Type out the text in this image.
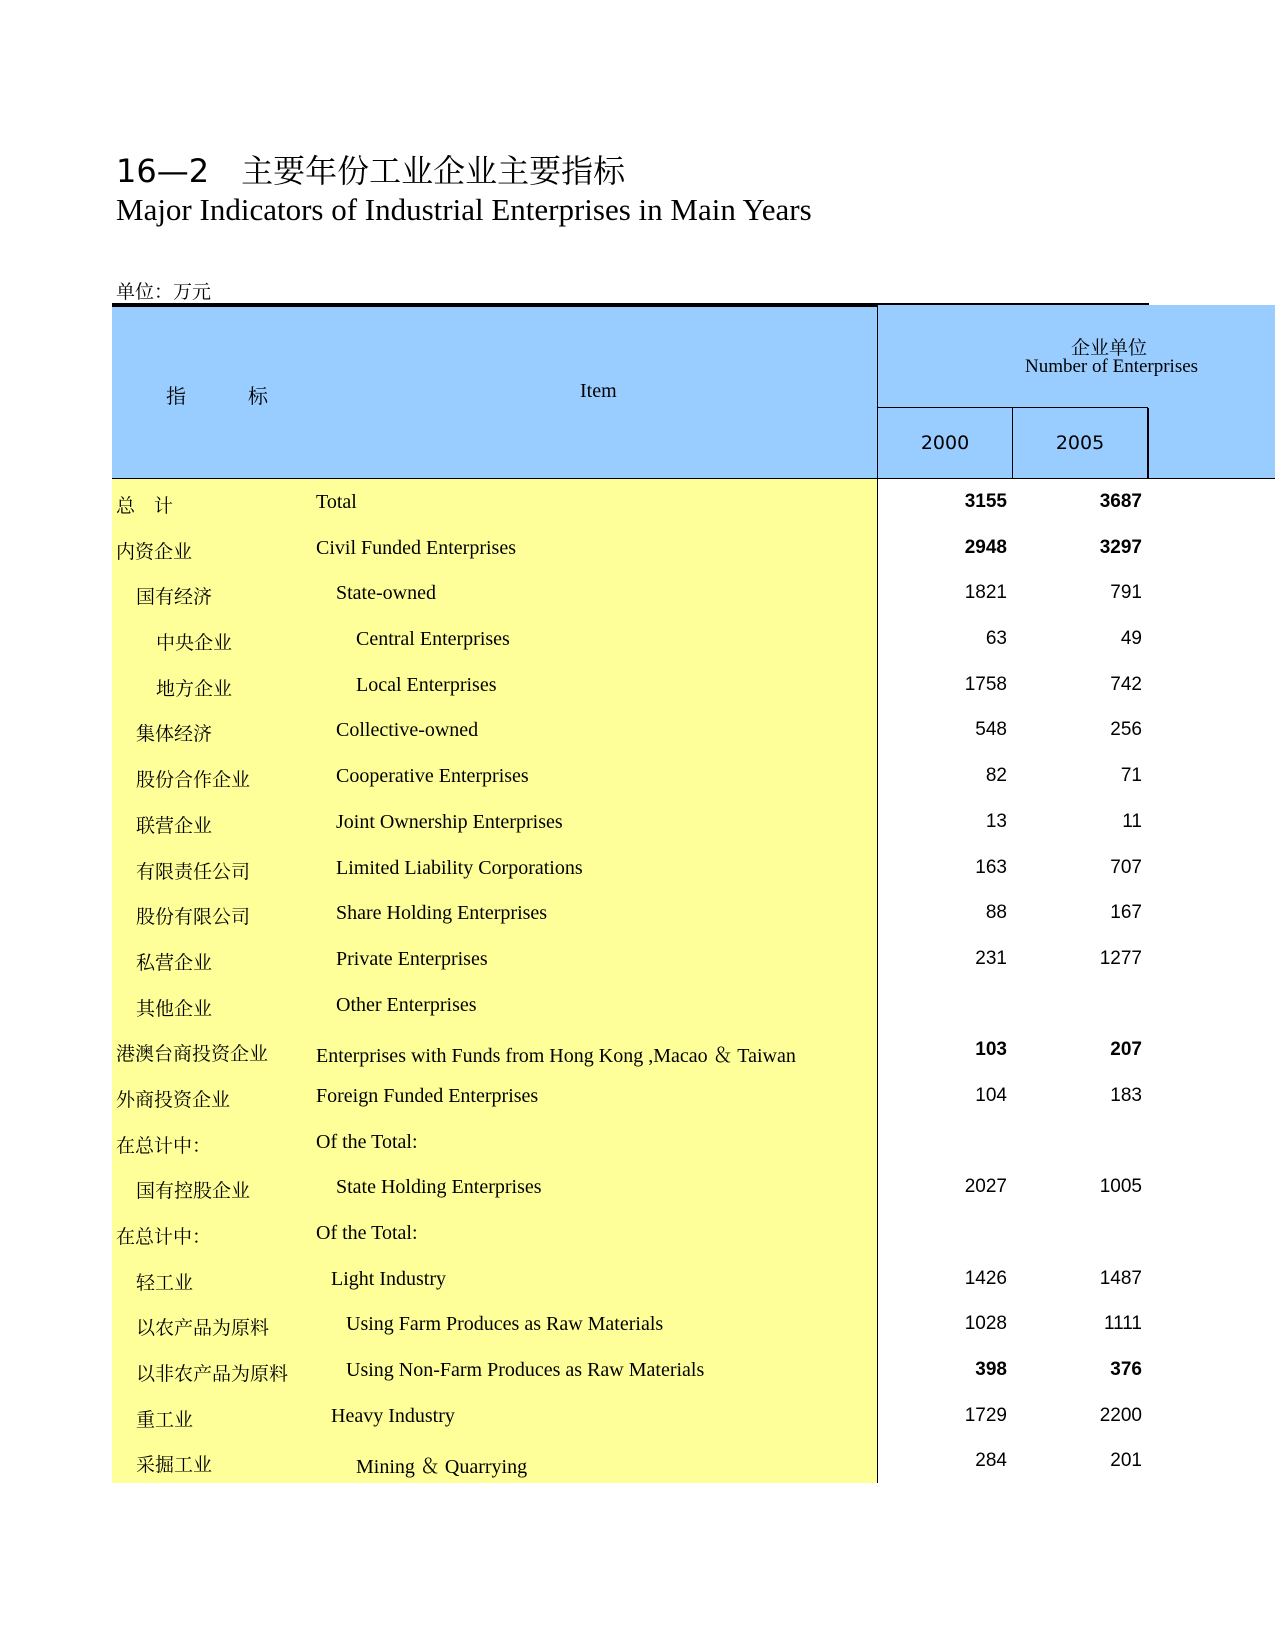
16—2　主要年份工业企业主要指标
Major Indicators of Industrial Enterprises in Main Years
单位：万元
指	标	Item
企业单位
Number of Enterprises
2000	2005
总　计	Total	3155	3687
内资企业	Civil Funded Enterprises	2948	3297
国有经济	State-owned	1821	791
中央企业	Central Enterprises	63	49
地方企业	Local Enterprises	1758	742
集体经济	Collective-owned	548	256
股份合作企业	Cooperative Enterprises	82	71
联营企业	Joint Ownership Enterprises	13	11
有限责任公司	Limited Liability Corporations	163	707
股份有限公司	Share Holding Enterprises	88	167
私营企业	Private Enterprises	231	1277
其他企业	Other Enterprises
港澳台商投资企业 Enterprises with Funds from Hong Kong ,Macao ＆ Taiwan	103	207
外商投资企业	Foreign Funded Enterprises	104	183
在总计中：	Of the Total:
国有控股企业	State Holding Enterprises	2027	1005
在总计中：	Of the Total:
轻工业	Light Industry	1426	1487
以农产品为原料	Using Farm Produces as Raw Materials	1028	1111
以非农产品为原料	Using Non-Farm Produces as Raw Materials	398	376
重工业	Heavy Industry	1729	2200
采掘工业	Mining ＆ Quarrying	284	201
